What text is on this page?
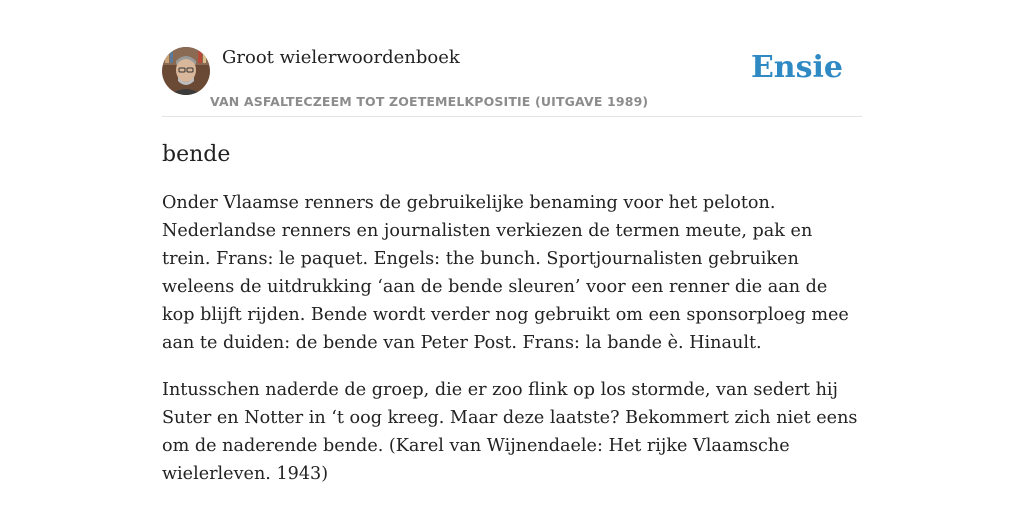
Groot wielerwoordenboek
VAN ASFALTECZEEM TOT ZOETEMELKPOSITIE (UITGAVE 1989)
Ensie
bende

Onder Vlaamse renners de gebruikelijke benaming voor het peloton. Nederlandse renners en journalisten verkiezen de termen meute, pak en trein. Frans: le paquet. Engels: the bunch. Sportjournalisten gebruiken weleens de uitdrukking ‘aan de bende sleuren’ voor een renner die aan de kop blijft rijden. Bende wordt verder nog gebruikt om een sponsorploeg mee aan te duiden: de bende van Peter Post. Frans: la bande è. Hinault.

Intusschen naderde de groep, die er zoo flink op los stormde, van sedert hij Suter en Notter in ‘t oog kreeg. Maar deze laatste? Bekommert zich niet eens om de naderende bende. (Karel van Wijnendaele: Het rijke Vlaamsche wielerleven. 1943)
